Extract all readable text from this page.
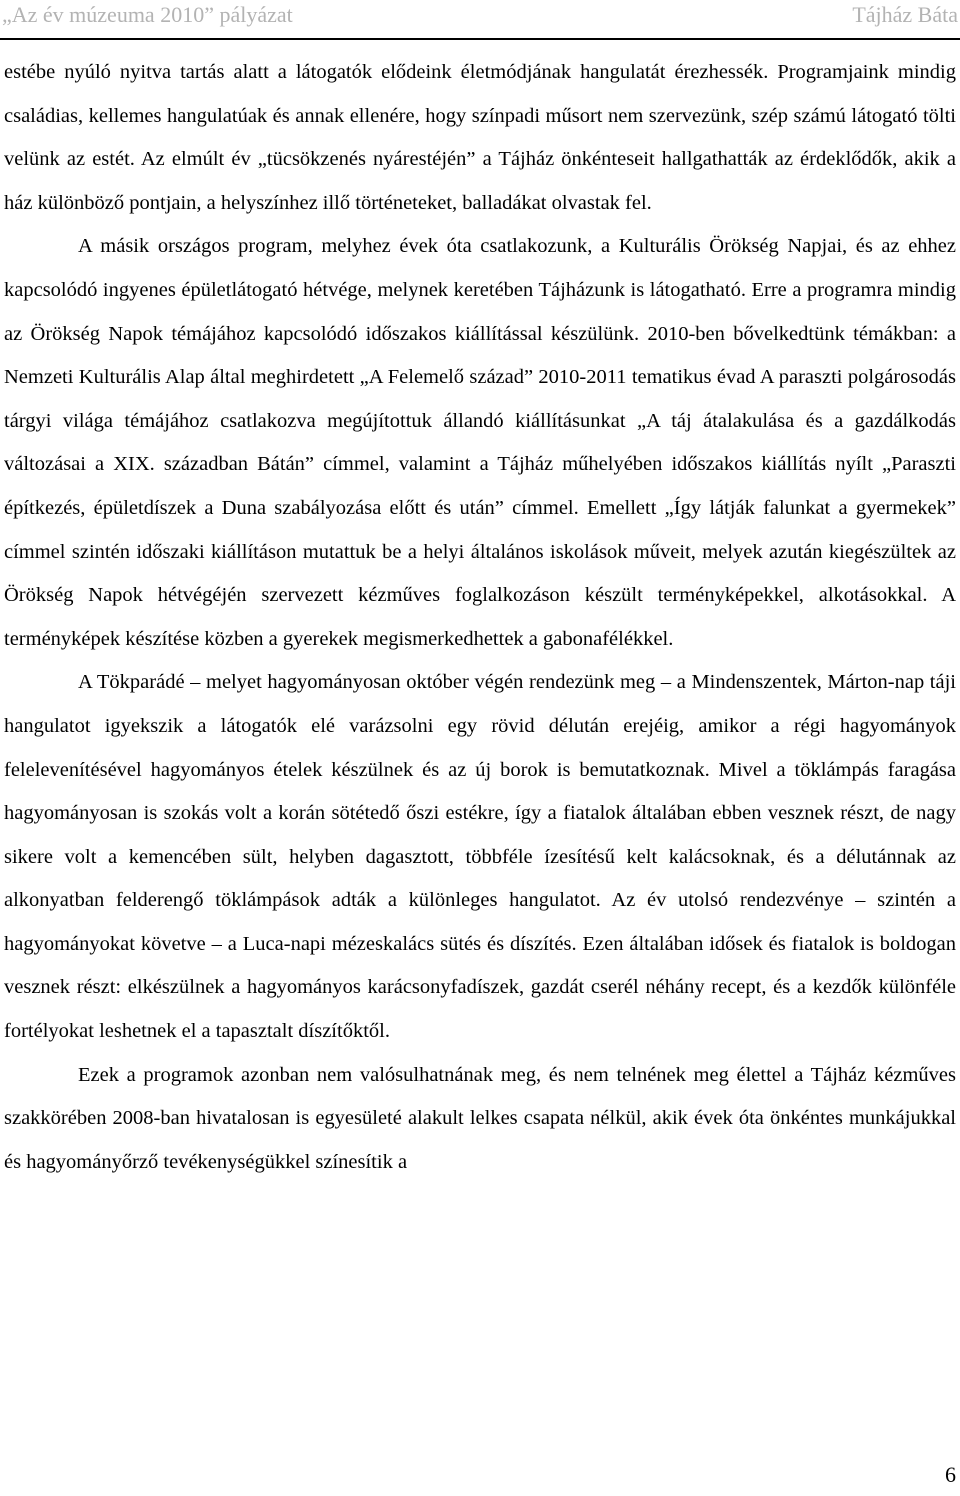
„Az év múzeuma 2010” pályázat	Tájház Báta

estébe nyúló nyitva tartás alatt a látogatók elődeink életmódjának hangulatát érezhessék. Programjaink mindig családias, kellemes hangulatúak és annak ellenére, hogy színpadi műsort nem szervezünk, szép számú látogató tölti velünk az estét. Az elmúlt év „tücsökzenés nyárestéjén” a Tájház önkénteseit hallgathatták az érdeklődők, akik a ház különböző pontjain, a helyszínhez illő történeteket, balladákat olvastak fel.

A másik országos program, melyhez évek óta csatlakozunk, a Kulturális Örökség Napjai, és az ehhez kapcsolódó ingyenes épületlátogató hétvége, melynek keretében Tájházunk is látogatható. Erre a programra mindig az Örökség Napok témájához kapcsolódó időszakos kiállítással készülünk. 2010-ben bővelkedtünk témákban: a Nemzeti Kulturális Alap által meghirdetett „A Felemelő század” 2010-2011 tematikus évad A paraszti polgárosodás tárgyi világa témájához csatlakozva megújítottuk állandó kiállításunkat „A táj átalakulása és a gazdálkodás változásai a XIX. században Bátán” címmel, valamint a Tájház műhelyében időszakos kiállítás nyílt „Paraszti építkezés, épületdíszek a Duna szabályozása előtt és után” címmel. Emellett „Így látják falunkat a gyermekek” címmel szintén időszaki kiállításon mutattuk be a helyi általános iskolások műveit, melyek azután kiegészültek az Örökség Napok hétvégéjén szervezett kézműves foglalkozáson készült terményképekkel, alkotásokkal. A terményképek készítése közben a gyerekek megismerkedhettek a gabonafélékkel.

A Tökparádé – melyet hagyományosan október végén rendezünk meg – a Mindenszentek, Márton-nap táji hangulatot igyekszik a látogatók elé varázsolni egy rövid délután erejéig, amikor a régi hagyományok felelevenítésével hagyományos ételek készülnek és az új borok is bemutatkoznak. Mivel a töklámpás faragása hagyományosan is szokás volt a korán sötétedő őszi estékre, így a fiatalok általában ebben vesznek részt, de nagy sikere volt a kemencében sült, helyben dagasztott, többféle ízesítésű kelt kalácsoknak, és a délutánnak az alkonyatban felderengő töklámpások adták a különleges hangulatot. Az év utolsó rendezvénye – szintén a hagyományokat követve – a Luca-napi mézeskalács sütés és díszítés. Ezen általában idősek és fiatalok is boldogan vesznek részt: elkészülnek a hagyományos karácsonyfadíszek, gazdát cserél néhány recept, és a kezdők különféle fortélyokat leshetnek el a tapasztalt díszítőktől.

Ezek a programok azonban nem valósulhatnának meg, és nem telnének meg élettel a Tájház kézműves szakkörében 2008-ban hivatalosan is egyesületé alakult lelkes csapata nélkül, akik évek óta önkéntes munkájukkal és hagyományőrző tevékenységükkel színesítik a

6
